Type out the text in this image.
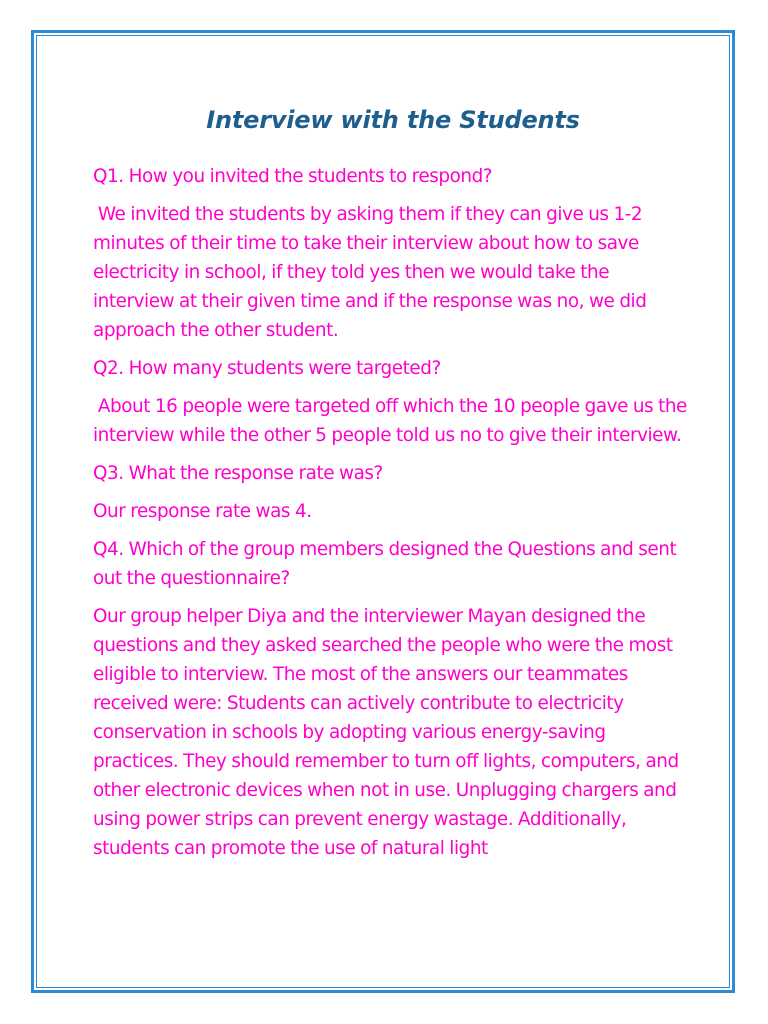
Interview with the Students

Q1. How you invited the students to respond?

We invited the students by asking them if they can give us 1-2 minutes of their time to take their interview about how to save electricity in school, if they told yes then we would take the interview at their given time and if the response was no, we did approach the other student.

Q2. How many students were targeted?

About 16 people were targeted off which the 10 people gave us the interview while the other 5 people told us no to give their interview.

Q3. What the response rate was?

Our response rate was 4.

Q4. Which of the group members designed the Questions and sent out the questionnaire?

Our group helper Diya and the interviewer Mayan designed the questions and they asked searched the people who were the most eligible to interview. The most of the answers our teammates received were: Students can actively contribute to electricity conservation in schools by adopting various energy-saving practices. They should remember to turn off lights, computers, and other electronic devices when not in use. Unplugging chargers and using power strips can prevent energy wastage. Additionally, students can promote the use of natural light
